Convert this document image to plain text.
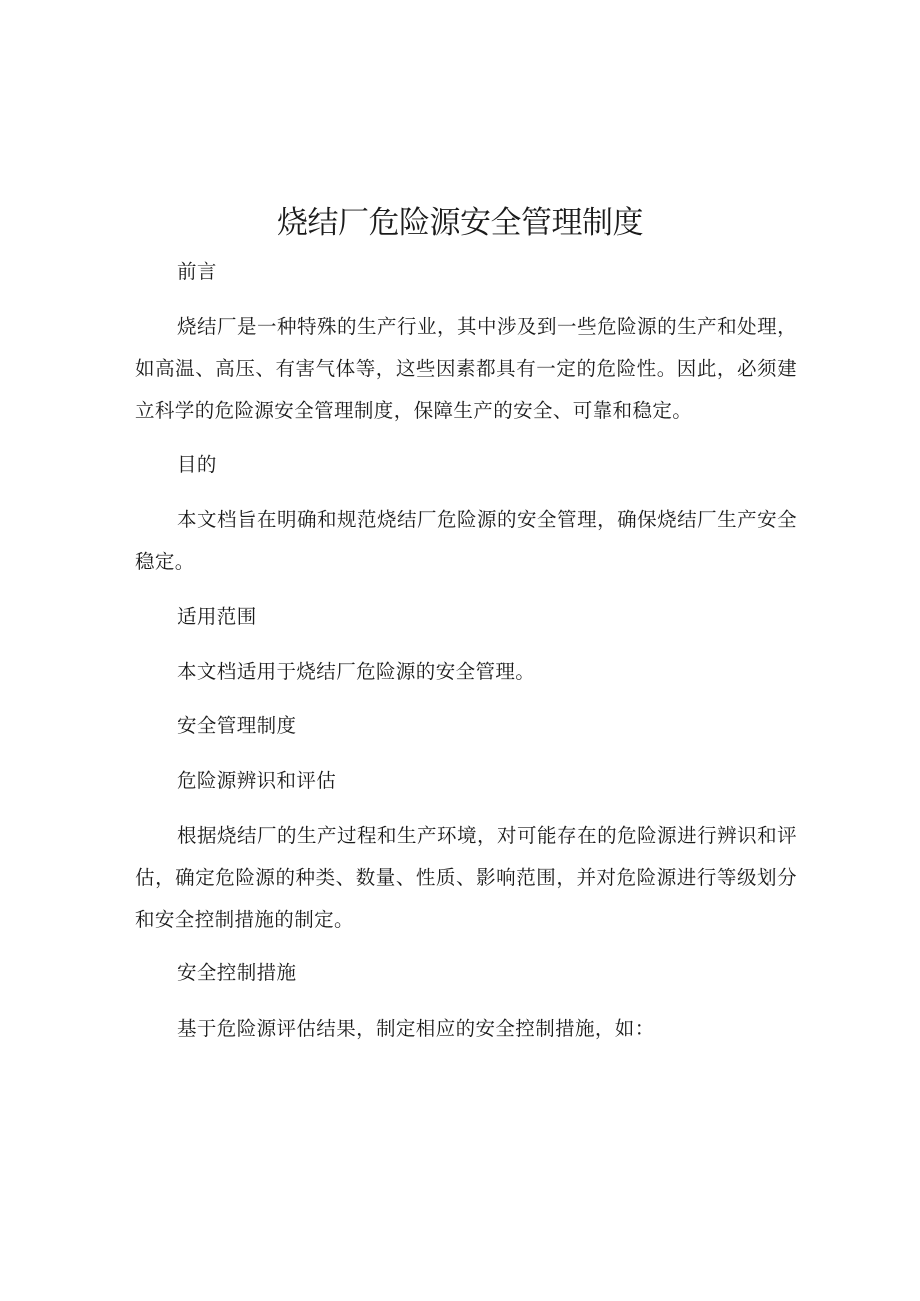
烧结厂危险源安全管理制度

前言

烧结厂是一种特殊的生产行业，其中涉及到一些危险源的生产和处理，如高温、高压、有害气体等，这些因素都具有一定的危险性。因此，必须建立科学的危险源安全管理制度，保障生产的安全、可靠和稳定。

目的

本文档旨在明确和规范烧结厂危险源的安全管理，确保烧结厂生产安全稳定。

适用范围

本文档适用于烧结厂危险源的安全管理。

安全管理制度

危险源辨识和评估

根据烧结厂的生产过程和生产环境，对可能存在的危险源进行辨识和评估，确定危险源的种类、数量、性质、影响范围，并对危险源进行等级划分和安全控制措施的制定。

安全控制措施

基于危险源评估结果，制定相应的安全控制措施，如：
